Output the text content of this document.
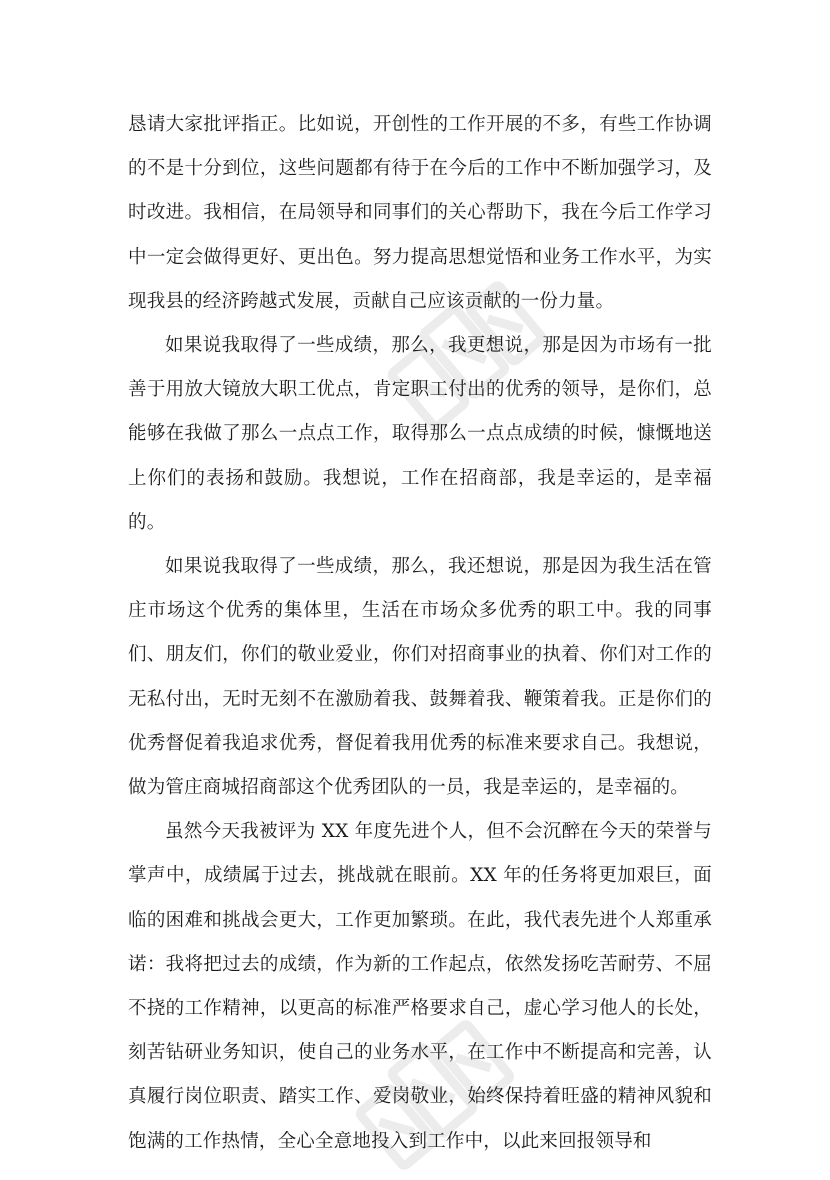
恳请大家批评指正。比如说，开创性的工作开展的不多，有些工作协调的不是十分到位，这些问题都有待于在今后的工作中不断加强学习，及时改进。我相信，在局领导和同事们的关心帮助下，我在今后工作学习中一定会做得更好、更出色。努力提高思想觉悟和业务工作水平，为实现我县的经济跨越式发展，贡献自己应该贡献的一份力量。

如果说我取得了一些成绩，那么，我更想说，那是因为市场有一批善于用放大镜放大职工优点，肯定职工付出的优秀的领导，是你们，总能够在我做了那么一点点工作，取得那么一点点成绩的时候，慷慨地送上你们的表扬和鼓励。我想说，工作在招商部，我是幸运的，是幸福的。

如果说我取得了一些成绩，那么，我还想说，那是因为我生活在管庄市场这个优秀的集体里，生活在市场众多优秀的职工中。我的同事们、朋友们，你们的敬业爱业，你们对招商事业的执着、你们对工作的无私付出，无时无刻不在激励着我、鼓舞着我、鞭策着我。正是你们的优秀督促着我追求优秀，督促着我用优秀的标准来要求自己。我想说，做为管庄商城招商部这个优秀团队的一员，我是幸运的，是幸福的。

虽然今天我被评为 XX 年度先进个人，但不会沉醉在今天的荣誉与掌声中，成绩属于过去，挑战就在眼前。XX 年的任务将更加艰巨，面临的困难和挑战会更大，工作更加繁琐。在此，我代表先进个人郑重承诺：我将把过去的成绩，作为新的工作起点，依然发扬吃苦耐劳、不屈不挠的工作精神，以更高的标准严格要求自己，虚心学习他人的长处，刻苦钻研业务知识，使自己的业务水平，在工作中不断提高和完善，认真履行岗位职责、踏实工作、爱岗敬业，始终保持着旺盛的精神风貌和饱满的工作热情，全心全意地投入到工作中，以此来回报领导和
